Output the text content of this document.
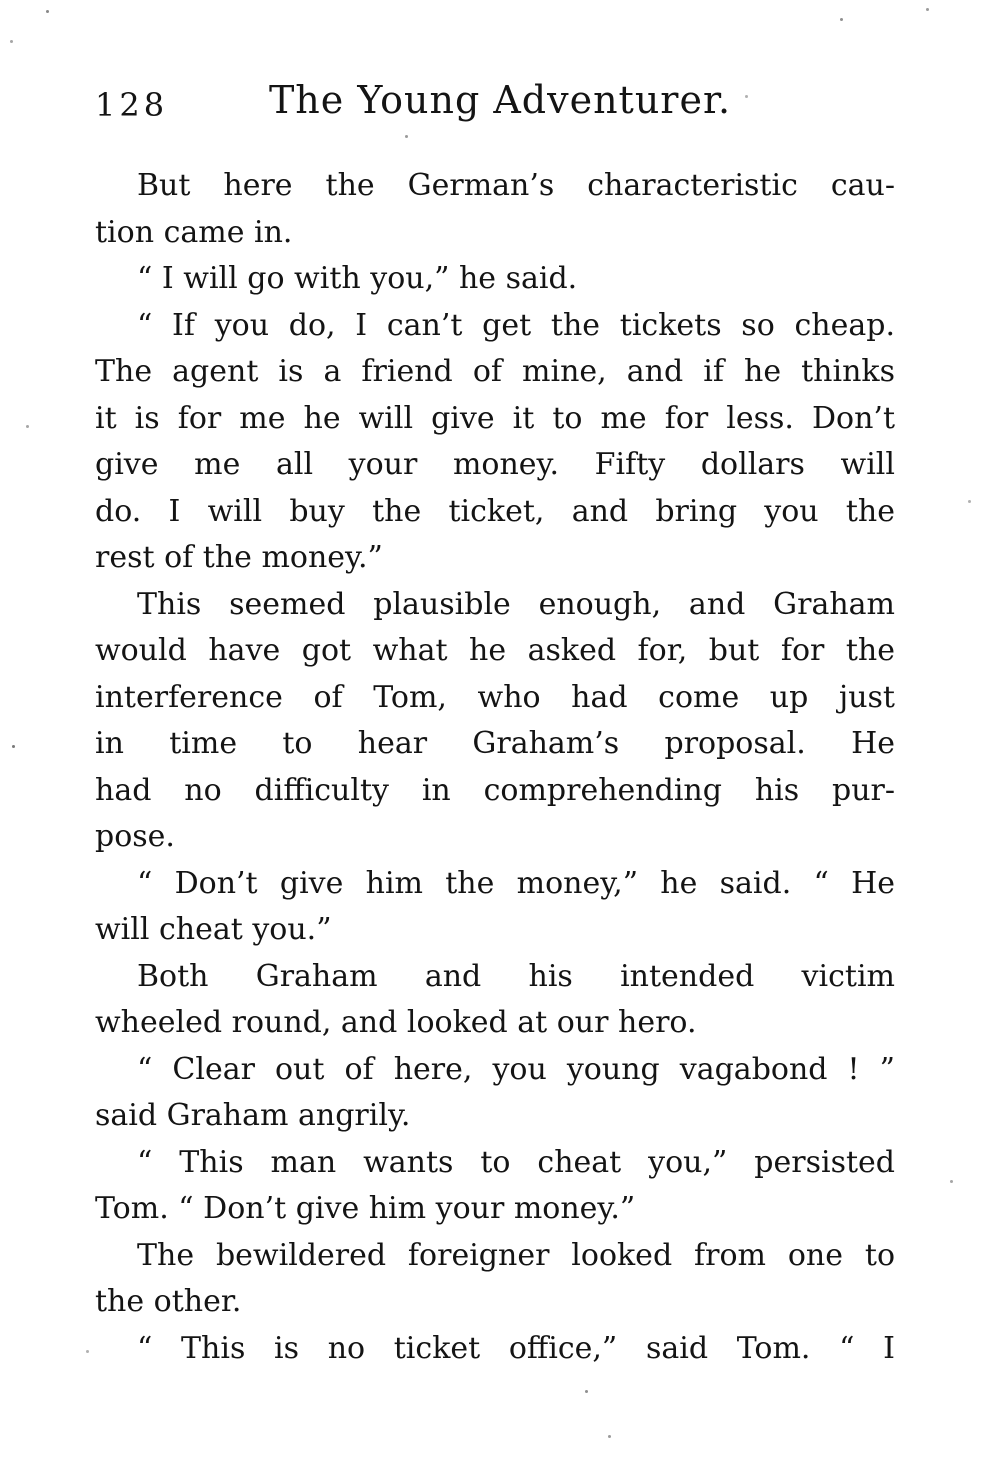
128	The Young Adventurer.
But here the German’s characteristic cau-
tion came in.
“ I will go with you,” he said.
“ If you do, I can’t get the tickets so cheap.
The agent is a friend of mine, and if he thinks
it is for me he will give it to me for less. Don’t
give me all your money. Fifty dollars will
do. I will buy the ticket, and bring you the
rest of the money.”
This seemed plausible enough, and Graham
would have got what he asked for, but for the
interference of Tom, who had come up just
in time to hear Graham’s proposal. He
had no difficulty in comprehending his pur-
pose.
“ Don’t give him the money,” he said. “ He
will cheat you.”
Both Graham and his intended victim
wheeled round, and looked at our hero.
“ Clear out of here, you young vagabond ! ”
said Graham angrily.
“ This man wants to cheat you,” persisted
Tom. “ Don’t give him your money.”
The bewildered foreigner looked from one to
the other.
“ This is no ticket office,” said Tom. “ I
